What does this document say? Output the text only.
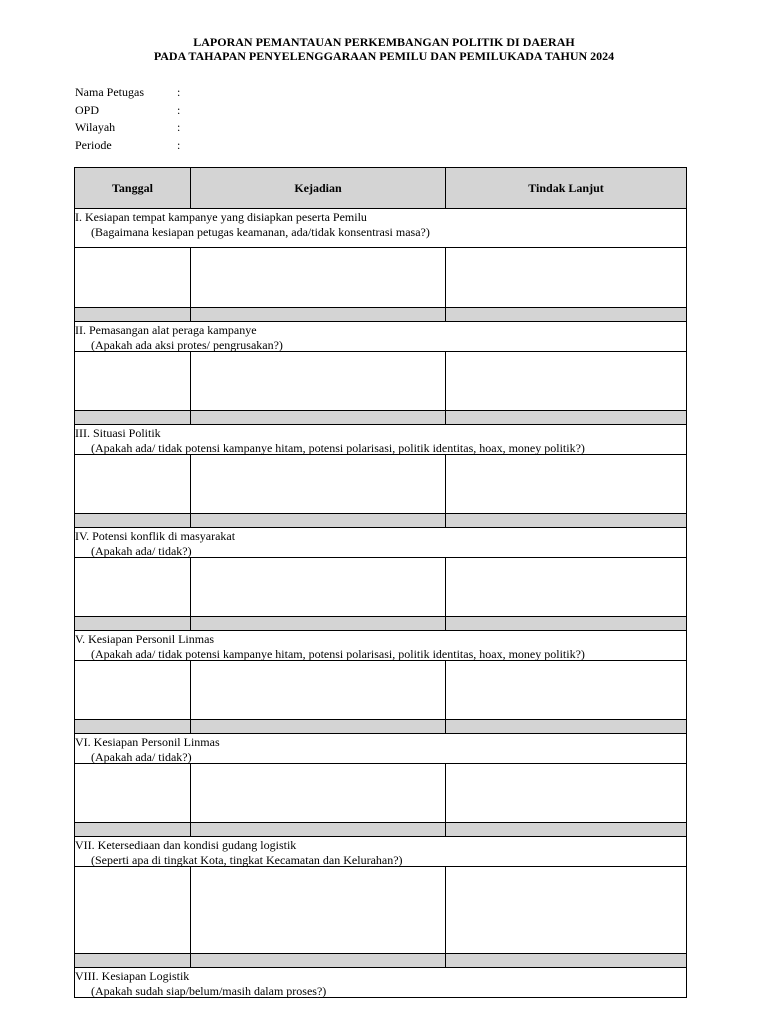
LAPORAN PEMANTAUAN PERKEMBANGAN POLITIK DI DAERAH
PADA TAHAPAN PENYELENGGARAAN PEMILU DAN PEMILUKADA TAHUN 2024
Nama Petugas	:
OPD	:
Wilayah	:
Periode	:
Tanggal	Kejadian	Tindak Lanjut
I. Kesiapan tempat kampanye yang disiapkan peserta Pemilu
(Bagaimana kesiapan petugas keamanan, ada/tidak konsentrasi masa?)
II. Pemasangan alat peraga kampanye
(Apakah ada aksi protes/ pengrusakan?)
III. Situasi Politik
(Apakah ada/ tidak potensi kampanye hitam, potensi polarisasi, politik identitas, hoax, money politik?)
IV. Potensi konflik di masyarakat
(Apakah ada/ tidak?)
V. Kesiapan Personil Linmas
(Apakah ada/ tidak potensi kampanye hitam, potensi polarisasi, politik identitas, hoax, money politik?)
VI. Kesiapan Personil Linmas
(Apakah ada/ tidak?)
VII. Ketersediaan dan kondisi gudang logistik
(Seperti apa di tingkat Kota, tingkat Kecamatan dan Kelurahan?)
VIII. Kesiapan Logistik
(Apakah sudah siap/belum/masih dalam proses?)
